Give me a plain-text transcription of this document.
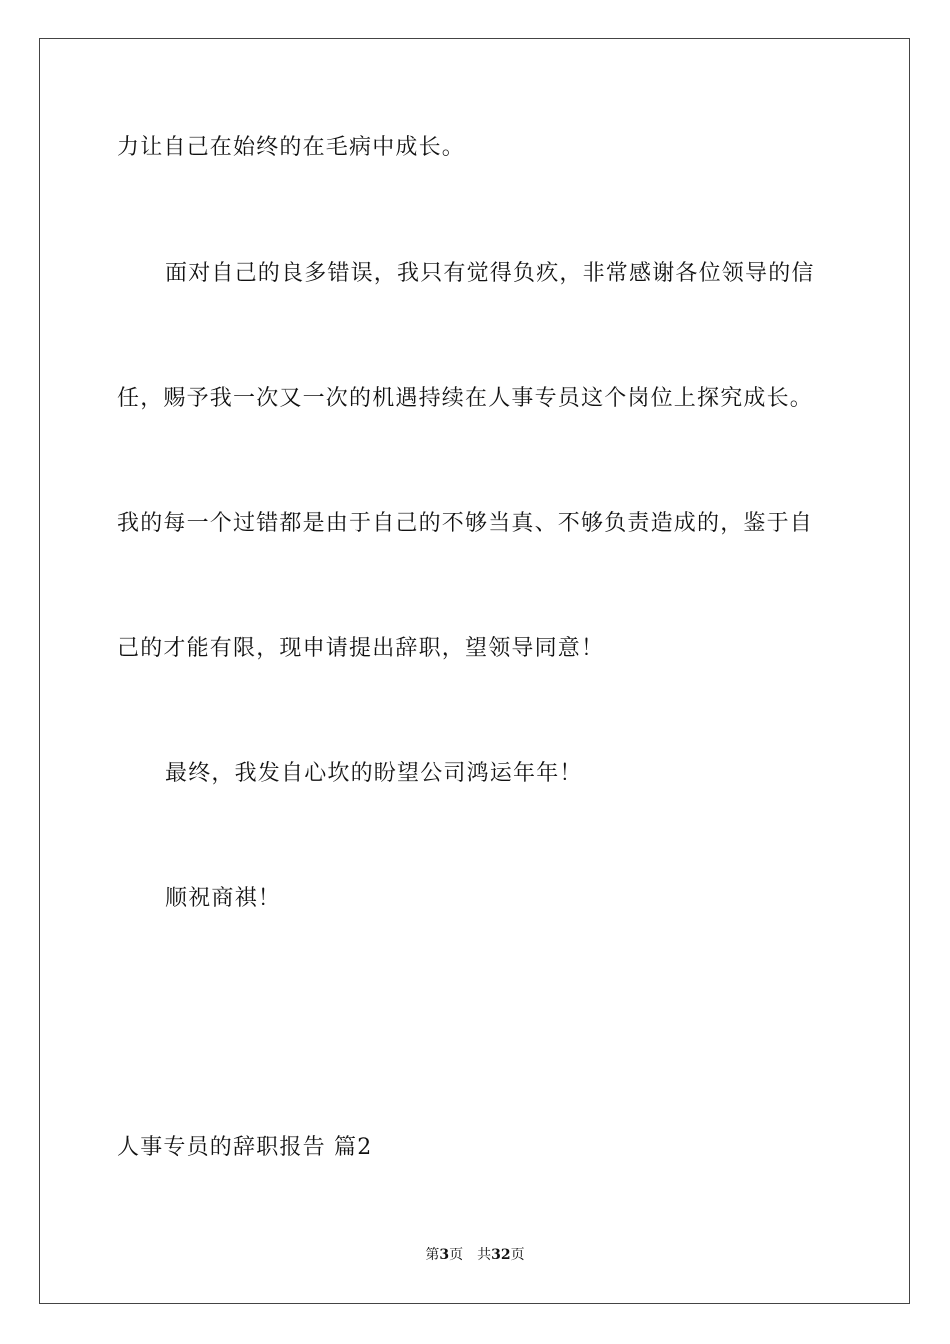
力让自己在始终的在毛病中成长。
面对自己的良多错误，我只有觉得负疚，非常感谢各位领导的信
任，赐予我一次又一次的机遇持续在人事专员这个岗位上探究成长。
我的每一个过错都是由于自己的不够当真、不够负责造成的，鉴于自
己的才能有限，现申请提出辞职，望领导同意！
最终，我发自心坎的盼望公司鸿运年年！
顺祝商祺！
人事专员的辞职报告 篇2
第3页 共32页
